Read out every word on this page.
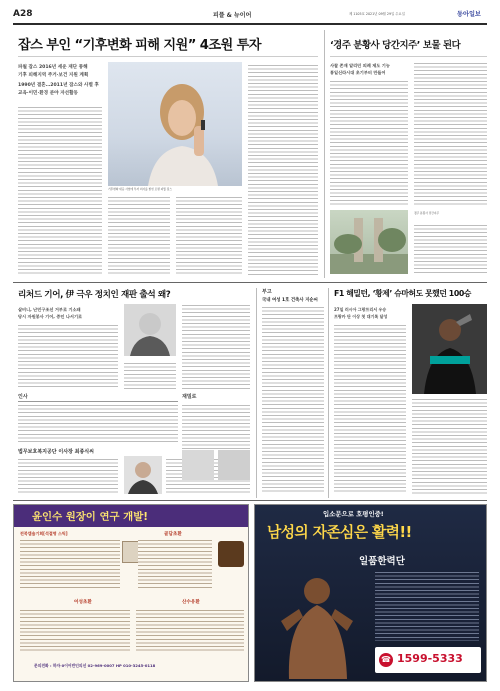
A28	피플 & 뉴이어	제 1105호 2021년 09월 29일 수요일	동아일보
잡스 부인 “기후변화 피해 지원” 4조원 투자
파월 잡스 2016년 세운 재단 통해
기후 피해지역 주거·보건 지원 계획
1990년 결혼…2011년 잡스와 사별 후
교육·이민·환경 분야 자선활동
기후변화 대응 사업에 투자 의사를 밝힌 로렌 파월 잡스
‘경주 분황사 당간지주’ 보물 된다
사찰 존재 알리던 의례 제도 기능
통일신라시대 초기부터 만들어
경주 분황사 당간지주
리처드 기어, 伊 극우 정치인 재판 출석 왜?
살비니, 난민구조선 거부로 기소돼
당시 자원봉사 기어, 증인 나서기로
인사
법무보호복지공단 이사장 최종식씨
재밀로
부고
국내 여성 1호 건축사 지순씨
F1 해밀턴, ‘황제’ 슈마허도 못했던 100승
27일 러시아 그랑프리서 우승
프랑카 단 이상 첫 대기록 달성
윤인수 원장이 연구 개발!
전북캡슐기회[석결명 스틱]	골담초환
어성초환	산수유환
문의전화 : 하자·0이어반인의선 02-969-0007 HP 010-3245-0118
입소문으로 호평인중!
남성의 자존심은 활력!!
일품한력단
☎ 1599-5333
